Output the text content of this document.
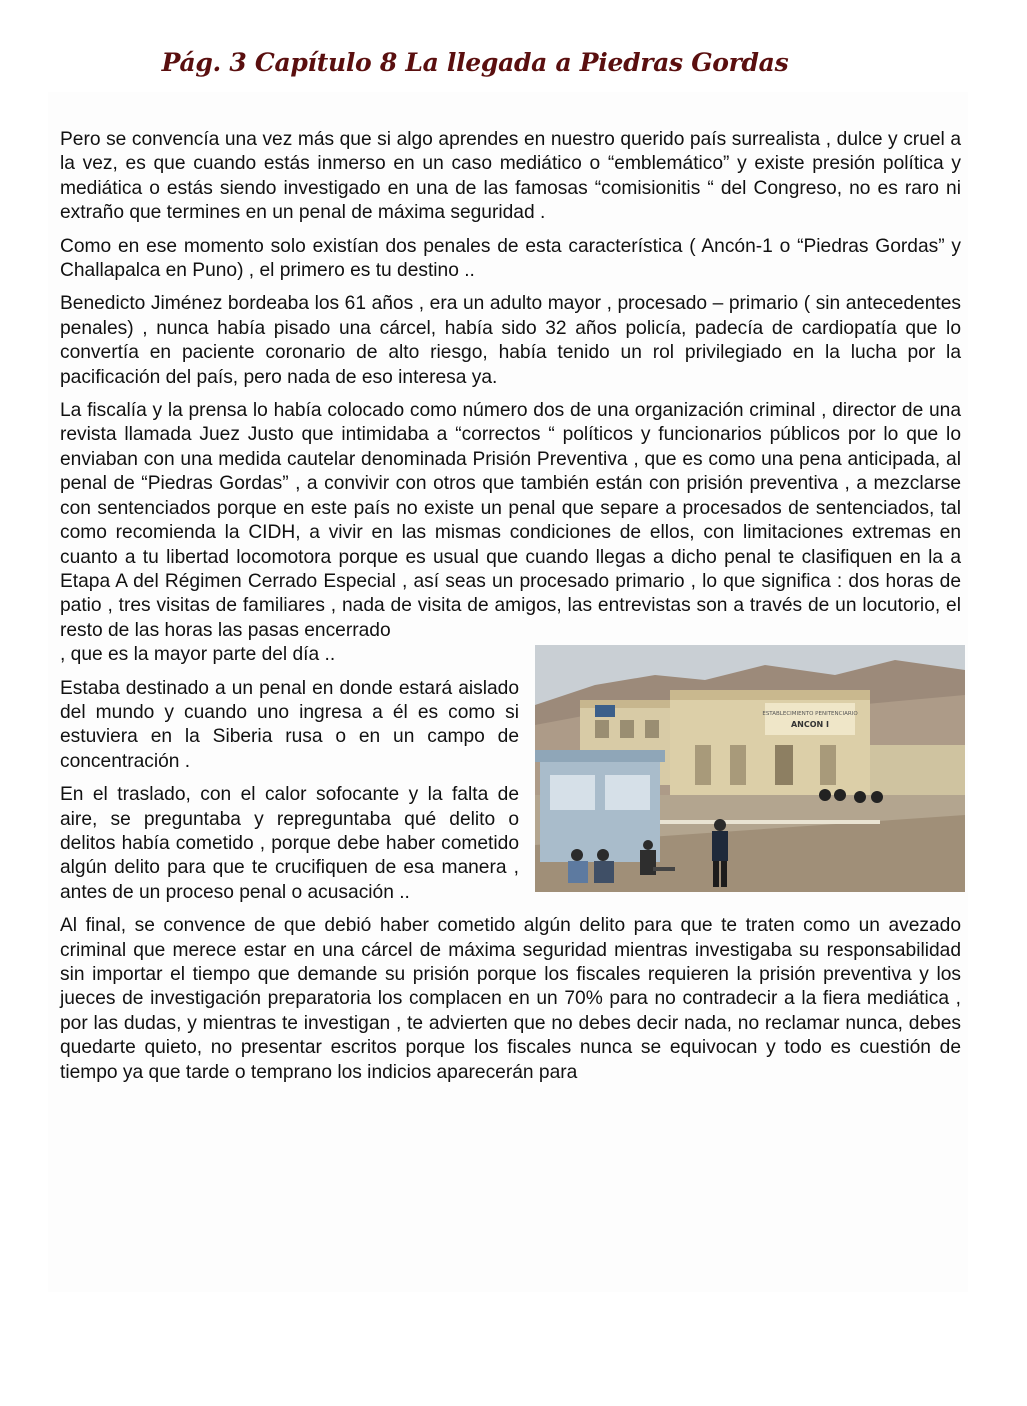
Pág. 3 Capítulo 8 La llegada a Piedras Gordas

Pero se convencía una vez más que si algo aprendes en nuestro querido país surrealista , dulce y cruel a la vez, es que cuando estás inmerso en un caso mediático o “emblemático” y existe presión política y mediática o estás siendo investigado en una de las famosas “comisionitis “ del Congreso, no es raro ni extraño que termines en un penal de máxima seguridad .

Como en ese momento solo existían dos penales de esta característica ( Ancón-1 o “Piedras Gordas” y Challapalca en Puno) , el primero es tu destino ..

Benedicto Jiménez bordeaba los 61 años , era un adulto mayor , procesado – primario ( sin antecedentes penales) , nunca había pisado una cárcel, había sido 32 años policía, padecía de cardiopatía que lo convertía en paciente coronario de alto riesgo, había tenido un rol privilegiado en la lucha por la pacificación del país, pero nada de eso interesa ya.

La fiscalía y la prensa lo había colocado como número dos de una organización criminal , director de una revista llamada Juez Justo que intimidaba a “correctos “ políticos y funcionarios públicos por lo que lo enviaban con una medida cautelar denominada Prisión Preventiva , que es como una pena anticipada, al penal de “Piedras Gordas” , a convivir con otros que también están con prisión preventiva , a mezclarse con sentenciados porque en este país no existe un penal que separe a procesados de sentenciados, tal como recomienda la CIDH, a vivir en las mismas condiciones de ellos, con limitaciones extremas en cuanto a tu libertad locomotora porque es usual que cuando llegas a dicho penal te clasifiquen en la a Etapa A del Régimen Cerrado Especial , así seas un procesado primario , lo que significa : dos horas de patio , tres visitas de familiares , nada de visita de amigos, las entrevistas son a través de un locutorio, el resto de las horas las pasas encerrado

ESTABLECIMIENTO PENITENCIARIO
ANCON I

, que es la mayor parte del día ..

Estaba destinado a un penal en donde estará aislado del mundo y cuando uno ingresa a él es como si estuviera en la Siberia rusa o en un campo de concentración .

En el traslado, con el calor sofocante y la falta de aire, se preguntaba y repreguntaba qué delito o delitos había cometido , porque debe haber cometido algún delito para que te crucifiquen de esa manera , antes de un proceso penal o acusación ..

Al final, se convence de que debió haber cometido algún delito para que te traten como un avezado criminal que merece estar en una cárcel de máxima seguridad mientras investigaba su responsabilidad sin importar el tiempo que demande su prisión porque los fiscales requieren la prisión preventiva y los jueces de investigación preparatoria los complacen en un 70% para no contradecir a la fiera mediática , por las dudas, y mientras te investigan , te advierten que no debes decir nada, no reclamar nunca, debes quedarte quieto, no presentar escritos porque los fiscales nunca se equivocan y todo es cuestión de tiempo ya que tarde o temprano los indicios aparecerán para
